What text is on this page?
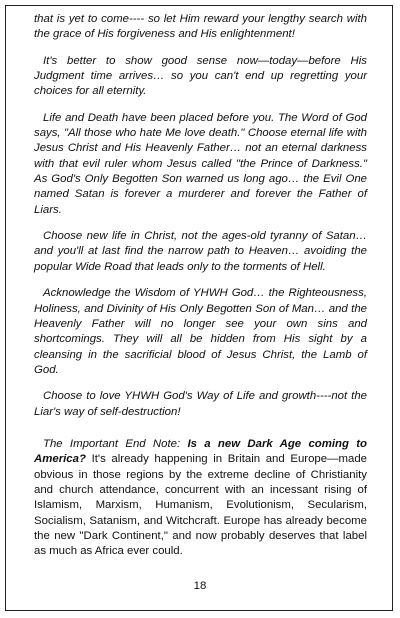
that is yet to come---- so let Him reward your lengthy search with the grace of His forgiveness and His enlightenment!

It's better to show good sense now—today—before His Judgment time arrives… so you can't end up regretting your choices for all eternity.

Life and Death have been placed before you. The Word of God says, "All those who hate Me love death." Choose eternal life with Jesus Christ and His Heavenly Father… not an eternal darkness with that evil ruler whom Jesus called "the Prince of Darkness." As God's Only Begotten Son warned us long ago… the Evil One named Satan is forever a murderer and forever the Father of Liars.

Choose new life in Christ, not the ages-old tyranny of Satan… and you'll at last find the narrow path to Heaven… avoiding the popular Wide Road that leads only to the torments of Hell.

Acknowledge the Wisdom of YHWH God… the Righteousness, Holiness, and Divinity of His Only Begotten Son of Man… and the Heavenly Father will no longer see your own sins and shortcomings. They will all be hidden from His sight by a cleansing in the sacrificial blood of Jesus Christ, the Lamb of God.

Choose to love YHWH God's Way of Life and growth----not the Liar's way of self-destruction!

The Important End Note: Is a new Dark Age coming to America? It's already happening in Britain and Europe—made obvious in those regions by the extreme decline of Christianity and church attendance, concurrent with an incessant rising of Islamism, Marxism, Humanism, Evolutionism, Secularism, Socialism, Satanism, and Witchcraft. Europe has already become the new "Dark Continent," and now probably deserves that label as much as Africa ever could.

18
